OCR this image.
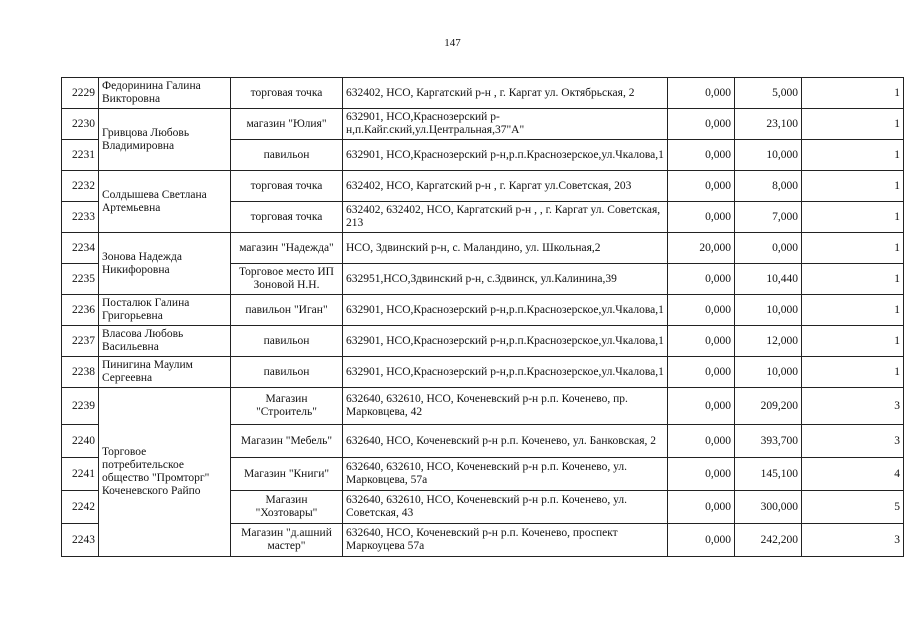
147
2229	Федоринина Галина Викторовна	торговая точка	632402, НСО, Каргатский р-н , г. Каргат ул. Октябрьская, 2	0,000	5,000	1
2230	Гривцова Любовь Владимировна	магазин "Юлия"	632901, НСО,Краснозерский р-н,п.Кайг.ский,ул.Центральная,37"А"	0,000	23,100	1
2231		павильон	632901, НСО,Краснозерский р-н,р.п.Краснозерское,ул.Чкалова,1	0,000	10,000	1
2232	Солдышева Светлана Артемьевна	торговая точка	632402, НСО, Каргатский р-н , г. Каргат ул.Советская, 203	0,000	8,000	1
2233		торговая точка	632402, 632402, НСО, Каргатский р-н , , г. Каргат ул. Советская, 213	0,000	7,000	1
2234	Зонова Надежда Никифоровна	магазин "Надежда"	НСО, Здвинский р-н, с. Маландино, ул. Школьная,2	20,000	0,000	1
2235		Торговое место ИП Зоновой Н.Н.	632951,НСО,Здвинский р-н, с.Здвинск, ул.Калинина,39	0,000	10,440	1
2236	Посталюк Галина Григорьевна	павильон "Иган"	632901, НСО,Краснозерский р-н,р.п.Краснозерское,ул.Чкалова,1	0,000	10,000	1
2237	Власова Любовь Васильевна	павильон	632901, НСО,Краснозерский р-н,р.п.Краснозерское,ул.Чкалова,1	0,000	12,000	1
2238	Пинигина Маулим Сергеевна	павильон	632901, НСО,Краснозерский р-н,р.п.Краснозерское,ул.Чкалова,1	0,000	10,000	1
2239	Торговое потребительское общество "Промторг" Коченевского Райпо	Магазин "Строитель"	632640, 632610, НСО, Коченевский р-н р.п. Коченево, пр. Марковцева, 42	0,000	209,200	3
2240		Магазин "Мебель"	632640, НСО, Коченевский р-н р.п. Коченево, ул. Банковская, 2	0,000	393,700	3
2241		Магазин "Книги"	632640, 632610, НСО, Коченевский р-н р.п. Коченево, ул. Марковцева, 57а	0,000	145,100	4
2242		Магазин "Хозтовары"	632640, 632610, НСО, Коченевский р-н р.п. Коченево, ул. Советская, 43	0,000	300,000	5
2243		Магазин "д.ашний мастер"	632640, НСО, Коченевский р-н р.п. Коченево, проспект Маркоуцева 57а	0,000	242,200	3
